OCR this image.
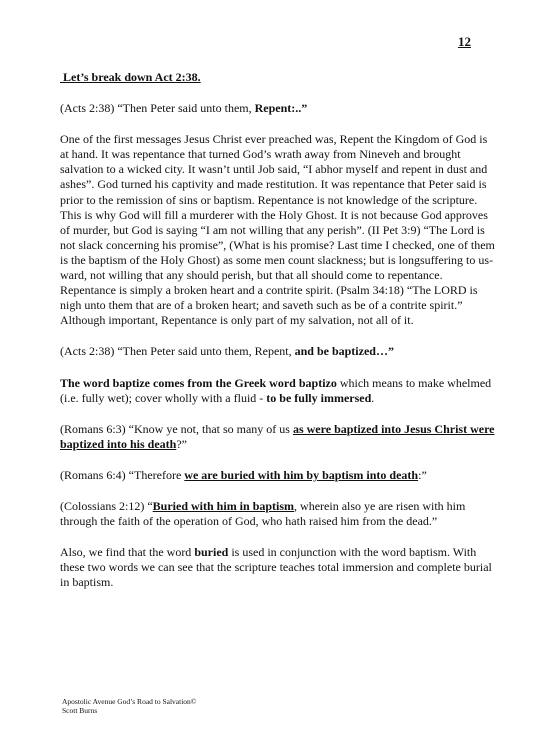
12

Let’s break down Act 2:38.

(Acts 2:38) “Then Peter said unto them, Repent:..”

One of the first messages Jesus Christ ever preached was, Repent the Kingdom of God is at hand. It was repentance that turned God’s wrath away from Nineveh and brought salvation to a wicked city. It wasn’t until Job said, “I abhor myself and repent in dust and ashes”. God turned his captivity and made restitution. It was repentance that Peter said is prior to the remission of sins or baptism. Repentance is not knowledge of the scripture. This is why God will fill a murderer with the Holy Ghost. It is not because God approves of murder, but God is saying “I am not willing that any perish”. (II Pet 3:9) “The Lord is not slack concerning his promise”, (What is his promise? Last time I checked, one of them is the baptism of the Holy Ghost) as some men count slackness; but is longsuffering to us-ward, not willing that any should perish, but that all should come to repentance. Repentance is simply a broken heart and a contrite spirit. (Psalm 34:18) “The LORD is nigh unto them that are of a broken heart; and saveth such as be of a contrite spirit.” Although important, Repentance is only part of my salvation, not all of it.

(Acts 2:38) “Then Peter said unto them, Repent, and be baptized…”

The word baptize comes from the Greek word baptizo which means to make whelmed (i.e. fully wet); cover wholly with a fluid - to be fully immersed.

(Romans 6:3) “Know ye not, that so many of us as were baptized into Jesus Christ were baptized into his death?”

(Romans 6:4) “Therefore we are buried with him by baptism into death:”

(Colossians 2:12) “Buried with him in baptism, wherein also ye are risen with him through the faith of the operation of God, who hath raised him from the dead.”

Also, we find that the word buried is used in conjunction with the word baptism. With these two words we can see that the scripture teaches total immersion and complete burial in baptism.

Apostolic Avenue God’s Road to Salvation©
Scott Burns
